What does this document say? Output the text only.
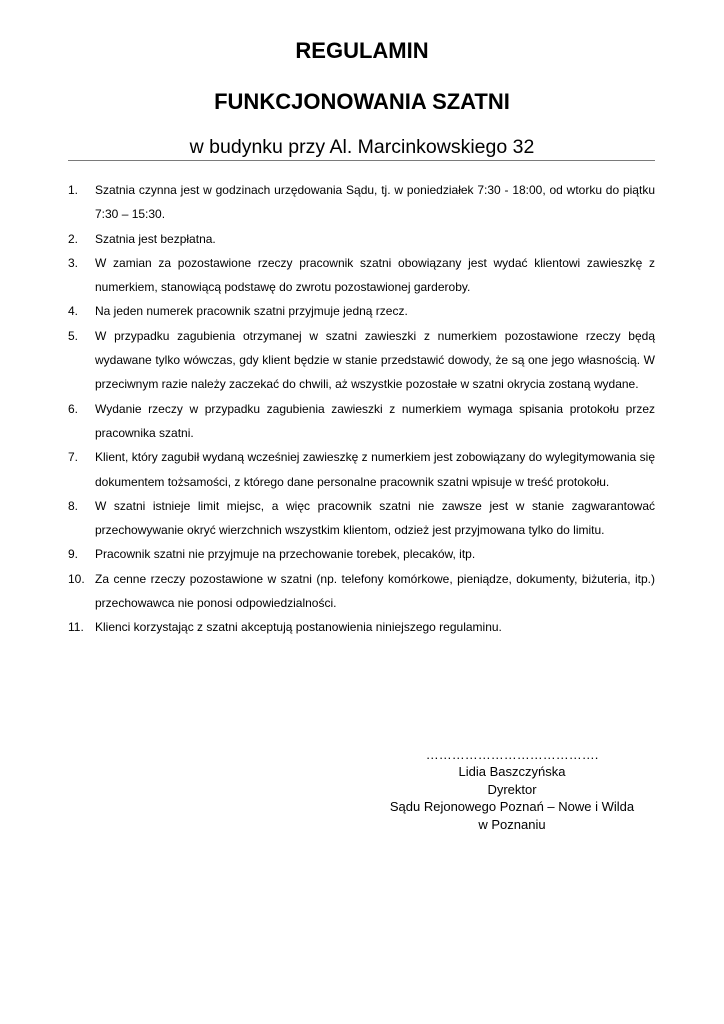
REGULAMIN
FUNKCJONOWANIA SZATNI
w budynku przy Al. Marcinkowskiego 32
1. Szatnia czynna jest w godzinach urzędowania Sądu, tj. w poniedziałek 7:30 - 18:00, od wtorku do piątku 7:30 – 15:30.
2. Szatnia jest bezpłatna.
3. W zamian za pozostawione rzeczy pracownik szatni obowiązany jest wydać klientowi zawieszkę z numerkiem, stanowiącą podstawę do zwrotu pozostawionej garderoby.
4. Na jeden numerek pracownik szatni przyjmuje jedną rzecz.
5. W przypadku zagubienia otrzymanej w szatni zawieszki z numerkiem pozostawione rzeczy będą wydawane tylko wówczas, gdy klient będzie w stanie przedstawić dowody, że są one jego własnością. W przeciwnym razie należy zaczekać do chwili, aż wszystkie pozostałe w szatni okrycia zostaną wydane.
6. Wydanie rzeczy w przypadku zagubienia zawieszki z numerkiem wymaga spisania protokołu przez pracownika szatni.
7. Klient, który zagubił wydaną wcześniej zawieszkę z numerkiem jest zobowiązany do wylegitymowania się dokumentem tożsamości, z którego dane personalne pracownik szatni wpisuje w treść protokołu.
8. W szatni istnieje limit miejsc, a więc pracownik szatni nie zawsze jest w stanie zagwarantować przechowywanie okryć wierzchnich wszystkim klientom, odzież jest przyjmowana tylko do limitu.
9. Pracownik szatni nie przyjmuje na przechowanie torebek, plecaków, itp.
10. Za cenne rzeczy pozostawione w szatni (np. telefony komórkowe, pieniądze, dokumenty, biżuteria, itp.) przechowawca nie ponosi odpowiedzialności.
11. Klienci korzystając z szatni akceptują postanowienia niniejszego regulaminu.
………………………………….
Lidia Baszczyńska
Dyrektor
Sądu Rejonowego Poznań – Nowe i Wilda
w Poznaniu
